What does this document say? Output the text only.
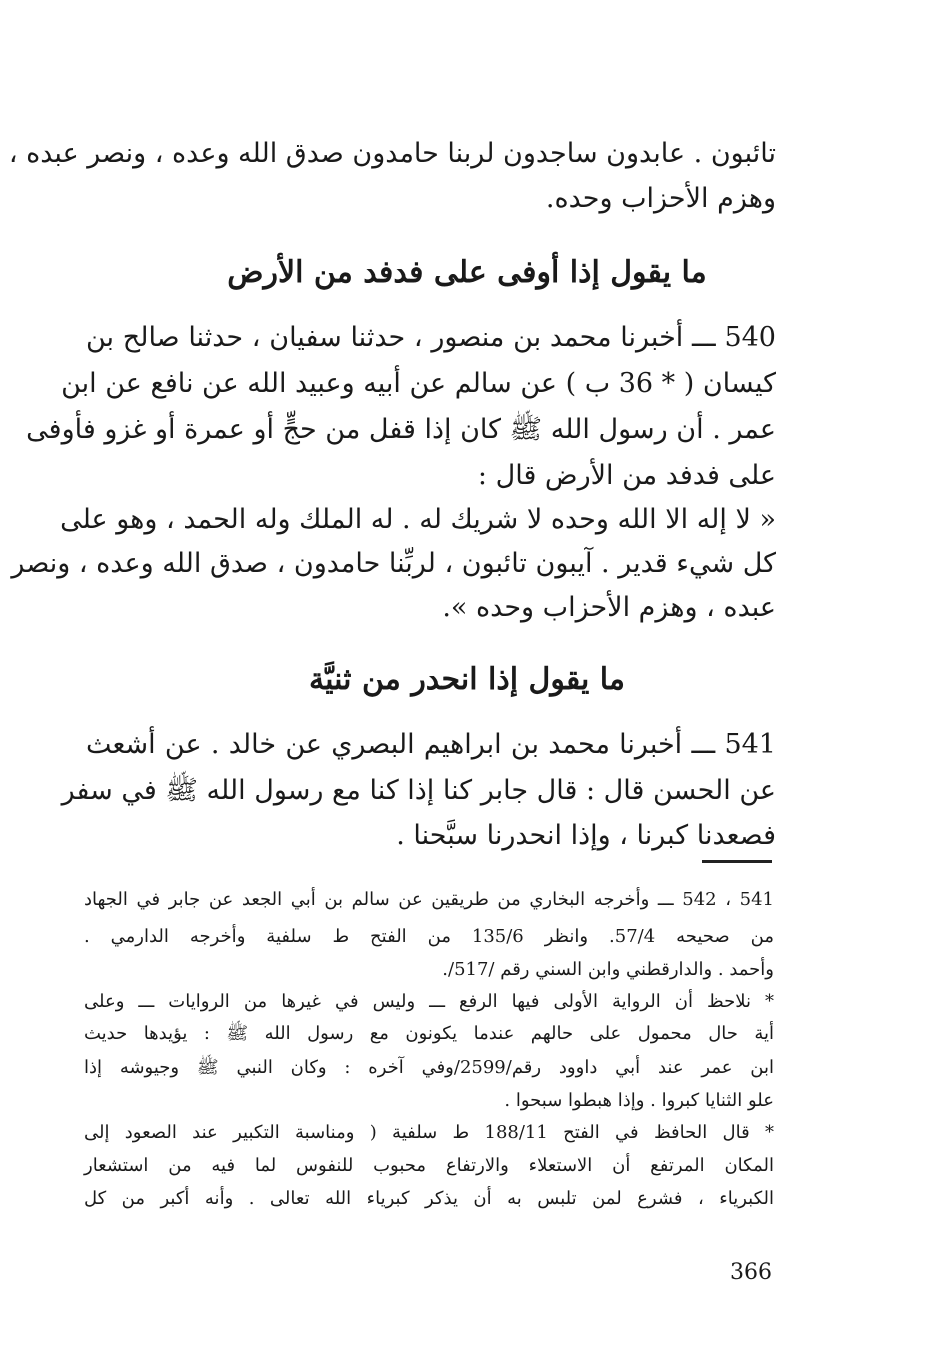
تائبون . عابدون ساجدون لربنا حامدون صدق الله وعده ، ونصر عبده ،
وهزم الأحزاب وحده.
ما يقول إذا أوفى على فدفد من الأرض
540 ـــ أخبرنا محمد بن منصور ، حدثنا سفيان ، حدثنا صالح بن
كيسان ( * 36 ب ) عن سالم عن أبيه وعبيد الله عن نافع عن ابن
عمر . أن رسول الله ﷺ كان إذا قفل من حجٍّ أو عمرة أو غزو فأوفى
على فدفد من الأرض قال :
« لا إله الا الله وحده لا شريك له . له الملك وله الحمد ، وهو على
كل شيء قدير . آيبون تائبون ، لربِّنا حامدون ، صدق الله وعده ، ونصر
عبده ، وهزم الأحزاب وحده ».
ما يقول إذا انحدر من ثنيَّة
541 ـــ أخبرنا محمد بن ابراهيم البصري عن خالد . عن أشعث
عن الحسن قال : قال جابر كنا إذا كنا مع رسول الله ﷺ في سفر
فصعدنا كبرنا ، وإذا انحدرنا سبَّحنا .
541 ، 542 ـــ وأخرجه البخاري من طريقين عن سالم بن أبي الجعد عن جابر في الجهاد
من صحيحه 57/4. وانظر 135/6 من الفتح ط سلفية وأخرجه الدارمي .
وأحمد . والدارقطني وابن السني رقم /517/.
* نلاحظ أن الرواية الأولى فيها الرفع ـــ وليس في غيرها من الروايات ـــ وعلى
أية حال محمول على حالهم عندما يكونون مع رسول الله ﷺ : يؤيدها حديث
ابن عمر عند أبي داوود رقم/2599/وفي آخره : وكان النبي ﷺ وجيوشه إذا
علو الثنايا كبروا . وإذا هبطوا سبحوا .
* قال الحافظ في الفتح 188/11 ط سلفية ( ومناسبة التكبير عند الصعود إلى
المكان المرتفع أن الاستعلاء والارتفاع محبوب للنفوس لما فيه من استشعار
الكبرياء ، فشرع لمن تلبس به أن يذكر كبرياء الله تعالى . وأنه أكبر من كل
366
